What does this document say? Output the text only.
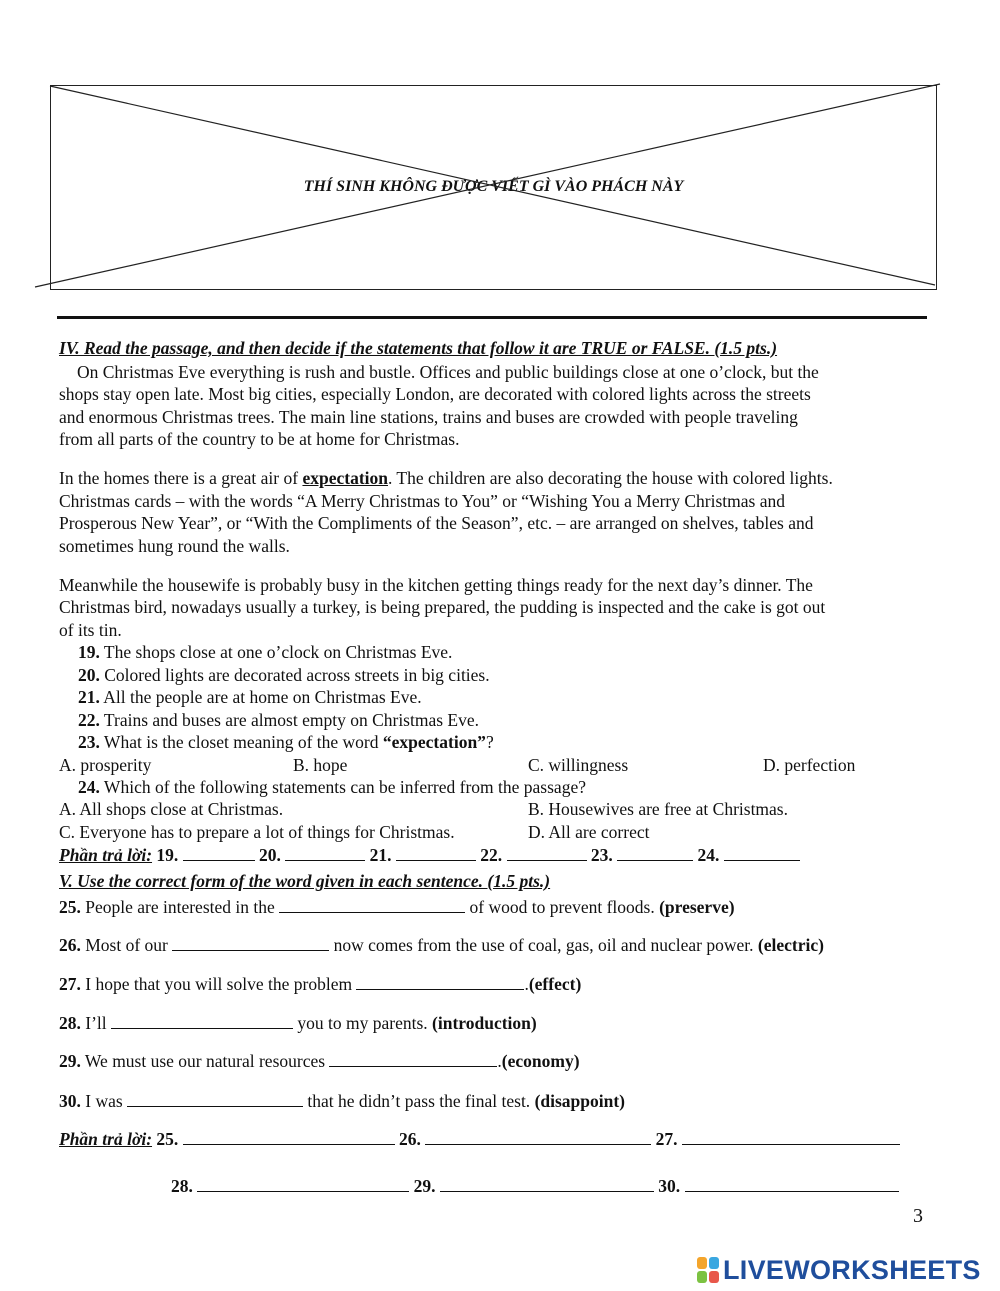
THÍ SINH KHÔNG ĐƯỢC VIẾT GÌ VÀO PHÁCH NÀY
IV. Read the passage, and then decide if the statements that follow it are TRUE or FALSE. (1.5 pts.)
On Christmas Eve everything is rush and bustle. Offices and public buildings close at one o’clock, but the
shops stay open late. Most big cities, especially London, are decorated with colored lights across the streets
and enormous Christmas trees. The main line stations, trains and buses are crowded with people traveling
from all parts of the country to be at home for Christmas.
In the homes there is a great air of expectation. The children are also decorating the house with colored lights.
Christmas cards – with the words “A Merry Christmas to You” or “Wishing You a Merry Christmas and
Prosperous New Year”, or “With the Compliments of the Season”, etc. – are arranged on shelves, tables and
sometimes hung round the walls.
Meanwhile the housewife is probably busy in the kitchen getting things ready for the next day’s dinner. The
Christmas bird, nowadays usually a turkey, is being prepared, the pudding is inspected and the cake is got out
of its tin.
19. The shops close at one o’clock on Christmas Eve.
20. Colored lights are decorated across streets in big cities.
21. All the people are at home on Christmas Eve.
22. Trains and buses are almost empty on Christmas Eve.
23. What is the closet meaning of the word “expectation”?
A. prosperity	B. hope	C. willingness	D. perfection
24. Which of the following statements can be inferred from the passage?
A. All shops close at Christmas.	B. Housewives are free at Christmas.
C. Everyone has to prepare a lot of things for Christmas.	D. All are correct
Phần trả lời: 19.	20.	21.	22.	23.	24.
V. Use the correct form of the word given in each sentence. (1.5 pts.)
25. People are interested in the	of wood to prevent floods. (preserve)
26. Most of our	now comes from the use of coal, gas, oil and nuclear power. (electric)
27. I hope that you will solve the problem	.(effect)
28. I’ll	you to my parents. (introduction)
29. We must use our natural resources	.(economy)
30. I was	that he didn’t pass the final test. (disappoint)
Phần trả lời: 25.	26.	27.
28.	29.	30.
3
LIVEWORKSHEETS
